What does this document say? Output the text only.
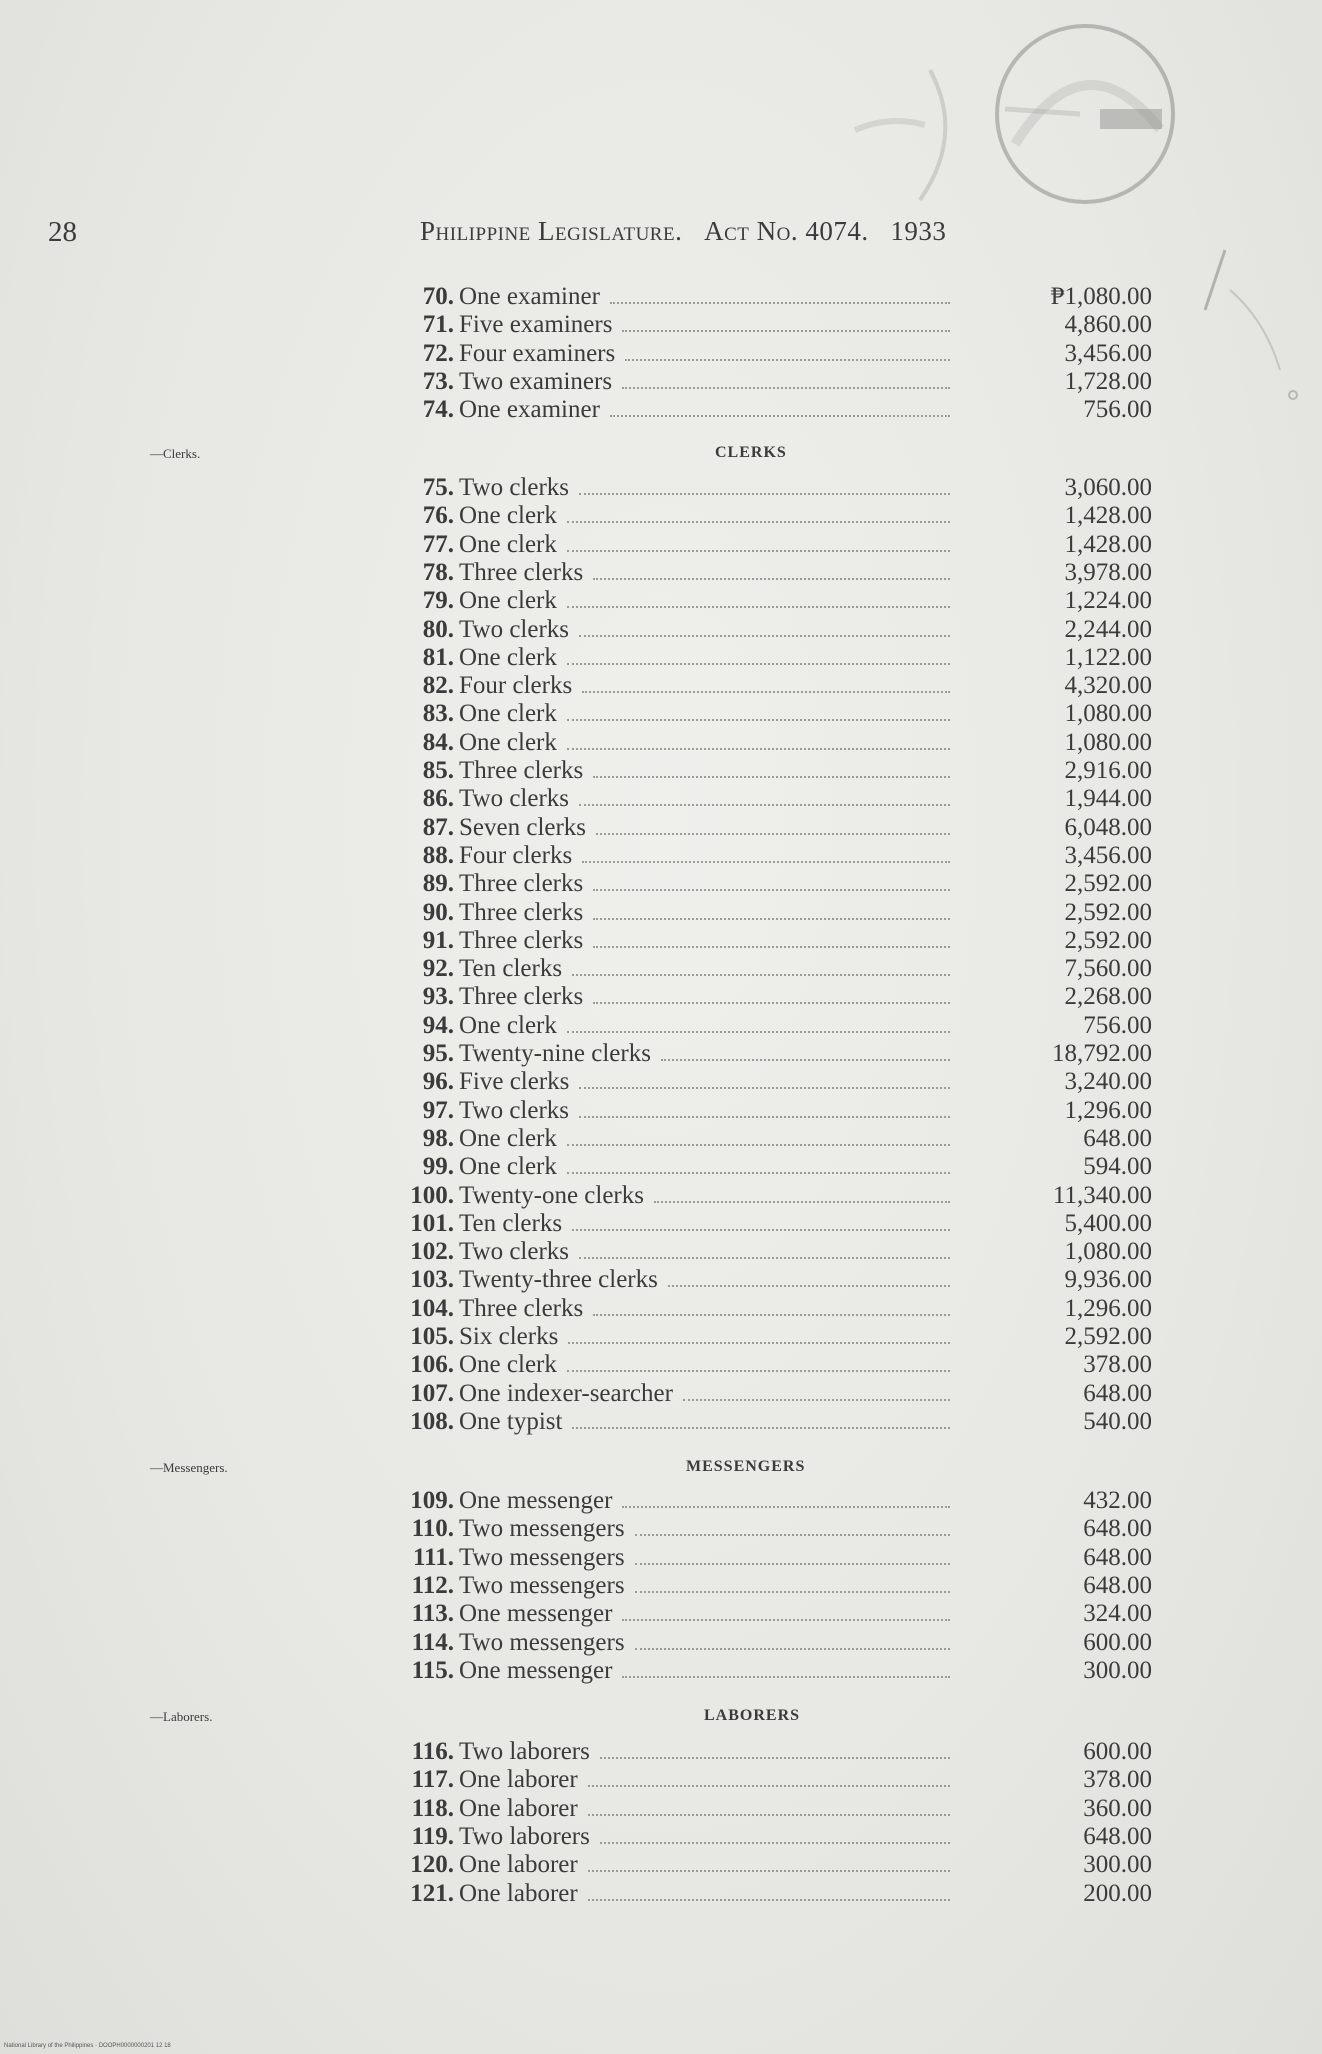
28	Philippine Legislature. Act No. 4074. 1933
—Clerks.
—Messengers.
—Laborers.
CLERKS
MESSENGERS
LABORERS
70. One examiner	₱1,080.00
71. Five examiners	4,860.00
72. Four examiners	3,456.00
73. Two examiners	1,728.00
74. One examiner	756.00
75. Two clerks	3,060.00
76. One clerk	1,428.00
77. One clerk	1,428.00
78. Three clerks	3,978.00
79. One clerk	1,224.00
80. Two clerks	2,244.00
81. One clerk	1,122.00
82. Four clerks	4,320.00
83. One clerk	1,080.00
84. One clerk	1,080.00
85. Three clerks	2,916.00
86. Two clerks	1,944.00
87. Seven clerks	6,048.00
88. Four clerks	3,456.00
89. Three clerks	2,592.00
90. Three clerks	2,592.00
91. Three clerks	2,592.00
92. Ten clerks	7,560.00
93. Three clerks	2,268.00
94. One clerk	756.00
95. Twenty-nine clerks	18,792.00
96. Five clerks	3,240.00
97. Two clerks	1,296.00
98. One clerk	648.00
99. One clerk	594.00
100. Twenty-one clerks	11,340.00
101. Ten clerks	5,400.00
102. Two clerks	1,080.00
103. Twenty-three clerks	9,936.00
104. Three clerks	1,296.00
105. Six clerks	2,592.00
106. One clerk	378.00
107. One indexer-searcher	648.00
108. One typist	540.00
109. One messenger	432.00
110. Two messengers	648.00
111. Two messengers	648.00
112. Two messengers	648.00
113. One messenger	324.00
114. Two messengers	600.00
115. One messenger	300.00
116. Two laborers	600.00
117. One laborer	378.00
118. One laborer	360.00
119. Two laborers	648.00
120. One laborer	300.00
121. One laborer	200.00
National Library of the Philippines · DOOPH0000000201 12 18
